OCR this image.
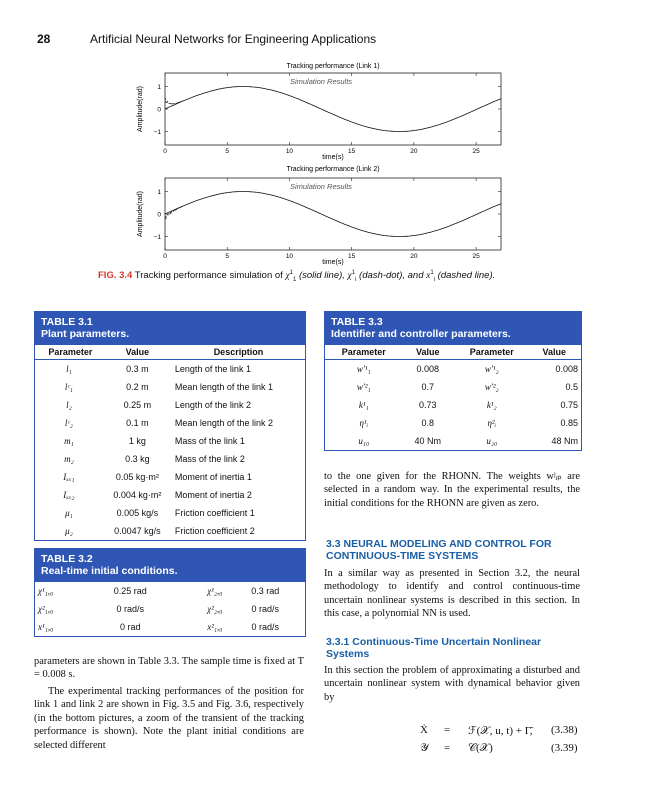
28	Artificial Neural Networks for Engineering Applications
Tracking performance (Link 1)
Simulation Results
0	5	10	15	20	25
1
0
−1
time(s)
Amplitude(rad)
Tracking performance (Link 2)
Simulation Results
0	5	10	15	20	25
1
0
−1
time(s)
Amplitude(rad)
FIG. 3.4 Tracking performance simulation of $\chi^1_1$ (solid line), $\chi^1_i$ (dash-dot), and $x^1_i$ (dashed line).
TABLE 3.1
Plant parameters.
Parameter	Value	Description
l₁	0.3 m	Length of the link 1
lᶜ₁	0.2 m	Mean length of the link 1
l₂	0.25 m	Length of the link 2
lᶜ₂	0.1 m	Mean length of the link 2
m₁	1 kg	Mass of the link 1
m₂	0.3 kg	Mass of the link 2
Iₓₓ₁	0.05 kg·m²	Moment of inertia 1
Iₓₓ₂	0.004 kg·m²	Moment of inertia 2
μ₁	0.005 kg/s	Friction coefficient 1
μ₂	0.0047 kg/s	Friction coefficient 2
TABLE 3.2
Real-time initial conditions.
χ¹₁,₀	0.25 rad	χ¹₂,₀	0.3 rad
χ²₁,₀	0 rad/s	χ²₂,₀	0 rad/s
x¹₁,₀	0 rad	x²₁,₀	0 rad/s
TABLE 3.3
Identifier and controller parameters.
Parameter	Value	Parameter	Value
w′¹₁	0.008	w′¹₂	0.008
w′²₁	0.7	w′²₂	0.5
k¹₁	0.73	k¹₂	0.75
η¹ᵢ	0.8	η²ᵢ	0.85
u₁₀	40 Nm	u₂₀	48 Nm
parameters are shown in Table 3.3. The sample time is fixed at T = 0.008 s.
The experimental tracking performances of the position for link 1 and link 2 are shown in Fig. 3.5 and Fig. 3.6, respectively (in the bottom pictures, a zoom of the transient of the tracking performance is shown). Note the plant initial conditions are selected different
to the one given for the RHONN. The weights wʲᵢₚ are selected in a random way. In the experimental results, the initial conditions for the RHONN are given as zero.
3.3 NEURAL MODELING AND CONTROL FOR CONTINUOUS-TIME SYSTEMS
In a similar way as presented in Section 3.2, the neural methodology to identify and control continuous-time uncertain nonlinear systems is described in this section. In this case, a polynomial NN is used.
3.3.1 Continuous-Time Uncertain Nonlinear Systems
In this section the problem of approximating a disturbed and uncertain nonlinear system with dynamical behavior given by
Ẋ = ℱ(𝒳, u, t) + Γ̃, (3.38)
𝒴 = 𝒞(𝒳)	(3.39)
